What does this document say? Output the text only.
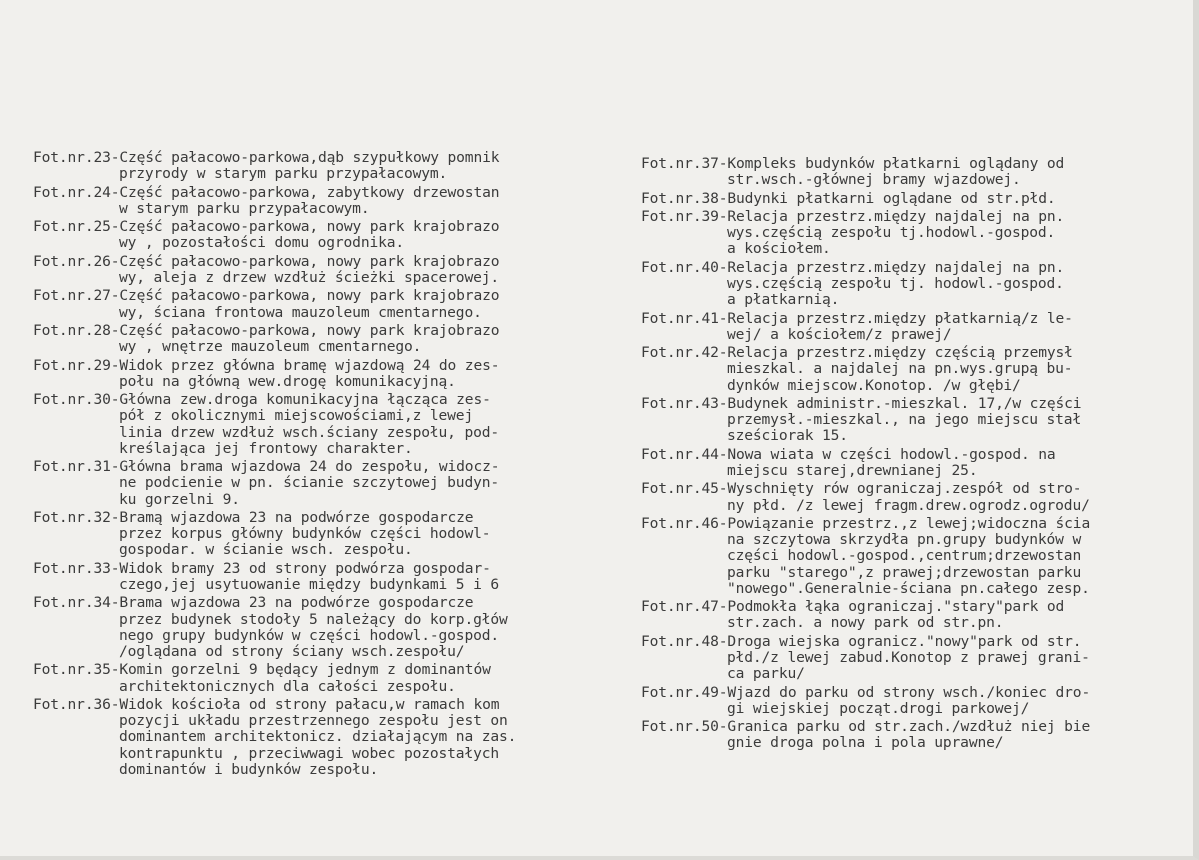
Fot.nr.23-Część pałacowo-parkowa,dąb szypułkowy pomnik
przyrody w starym parku przypałacowym.
Fot.nr.24-Część pałacowo-parkowa, zabytkowy drzewostan
w starym parku przypałacowym.
Fot.nr.25-Część pałacowo-parkowa, nowy park krajobrazo
wy , pozostałości domu ogrodnika.
Fot.nr.26-Część pałacowo-parkowa, nowy park krajobrazo
wy, aleja z drzew wzdłuż ścieżki spacerowej.
Fot.nr.27-Część pałacowo-parkowa, nowy park krajobrazo
wy, ściana frontowa mauzoleum cmentarnego.
Fot.nr.28-Część pałacowo-parkowa, nowy park krajobrazo
wy , wnętrze mauzoleum cmentarnego.
Fot.nr.29-Widok przez główna bramę wjazdową 24 do zes-
połu na główną wew.drogę komunikacyjną.
Fot.nr.30-Główna zew.droga komunikacyjna łącząca zes-
pół z okolicznymi miejscowościami,z lewej
linia drzew wzdłuż wsch.ściany zespołu, pod-
kreślająca jej frontowy charakter.
Fot.nr.31-Główna brama wjazdowa 24 do zespołu, widocz-
ne podcienie w pn. ścianie szczytowej budyn-
ku gorzelni 9.
Fot.nr.32-Bramą wjazdowa 23 na podwórze gospodarcze
przez korpus główny budynków części hodowl-
gospodar. w ścianie wsch. zespołu.
Fot.nr.33-Widok bramy 23 od strony podwórza gospodar-
czego,jej usytuowanie między budynkami 5 i 6
Fot.nr.34-Brama wjazdowa 23 na podwórze gospodarcze
przez budynek stodoły 5 należący do korp.głów
nego grupy budynków w części hodowl.-gospod.
/oglądana od strony ściany wsch.zespołu/
Fot.nr.35-Komin gorzelni 9 będący jednym z dominantów
architektonicznych dla całości zespołu.
Fot.nr.36-Widok kościoła od strony pałacu,w ramach kom
pozycji układu przestrzennego zespołu jest on
dominantem architektonicz. działającym na zas.
kontrapunktu , przeciwwagi wobec pozostałych
dominantów i budynków zespołu.
Fot.nr.37-Kompleks budynków płatkarni oglądany od
str.wsch.-głównej bramy wjazdowej.
Fot.nr.38-Budynki płatkarni oglądane od str.płd.
Fot.nr.39-Relacja przestrz.między najdalej na pn.
wys.częścią zespołu tj.hodowl.-gospod.
a kościołem.
Fot.nr.40-Relacja przestrz.między najdalej na pn.
wys.częścią zespołu tj. hodowl.-gospod.
a płatkarnią.
Fot.nr.41-Relacja przestrz.między płatkarnią/z le-
wej/ a kościołem/z prawej/
Fot.nr.42-Relacja przestrz.między częścią przemysł
mieszkal. a najdalej na pn.wys.grupą bu-
dynków miejscow.Konotop. /w głębi/
Fot.nr.43-Budynek administr.-mieszkal. 17,/w części
przemysł.-mieszkal., na jego miejscu stał
sześciorak 15.
Fot.nr.44-Nowa wiata w części hodowl.-gospod. na
miejscu starej,drewnianej 25.
Fot.nr.45-Wyschnięty rów ograniczaj.zespół od stro-
ny płd. /z lewej fragm.drew.ogrodz.ogrodu/
Fot.nr.46-Powiązanie przestrz.,z lewej;widoczna ścia
na szczytowa skrzydła pn.grupy budynków w
części hodowl.-gospod.,centrum;drzewostan
parku "starego",z prawej;drzewostan parku
"nowego".Generalnie-ściana pn.całego zesp.
Fot.nr.47-Podmokła łąka ograniczaj."stary"park od
str.zach. a nowy park od str.pn.
Fot.nr.48-Droga wiejska ogranicz."nowy"park od str.
płd./z lewej zabud.Konotop z prawej grani-
ca parku/
Fot.nr.49-Wjazd do parku od strony wsch./koniec dro-
gi wiejskiej począt.drogi parkowej/
Fot.nr.50-Granica parku od str.zach./wzdłuż niej bie
gnie droga polna i pola uprawne/
